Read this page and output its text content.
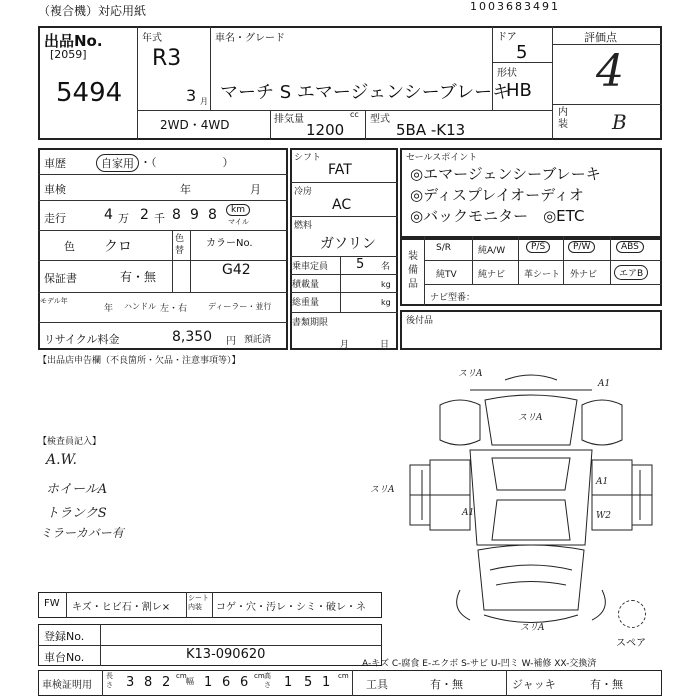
（複合機）対応用紙	1003683491
出品No.
[2059]
5494
年式
R3
3 月
車名・グレード
マーチ S エマージェンシーブレーキ
ドア
5
形状
HB
評価点
4
内装 B
2WD・4WD	排気量	cc
1200
型式
5BA -K13
車歴	自家用 ・（　　　　　　）
車検	年	月
走行	4 万 2 千 8 9 8	km
マイル
色 クロ	色替
カラーNo.
G42
保証書	有・無
モデル年
年 ハンドル 左・右	ディーラー・並行
リサイクル料金	8,350 円 預託済
シフト
FAT
冷房
AC
燃料
ガソリン
乗車定員 5 名
積載量	kg
総重量	kg
書類期限
月	日
セールスポイント
◎エマージェンシーブレーキ
◎ディスプレイオーディオ
◎バックモニター　◎ETC
装備品
S/R	純A/W	P/S	P/W	ABS
純TV 純ナビ 革シート 外ナビ	エアB
ナビ型番：
後付品
【出品店申告欄（不良箇所・欠品・注意事項等）】
【検査員記入】
A.W.
ホイールA
トランクS
ミラーカバー有
スリA
A1
スリA
スリA
A1
A1
W2
スリA
スペア
FW キズ・ヒビ石・割レ×
シート内装	コゲ・穴・汚レ・シミ・破レ・ネ
登録No.
車台No.	K13-090620
A-キズ C-腐食 E-エクボ S-サビ U-凹ミ W-補修 XX-交換済
車検証明用
長さ 3 8 2 cm
幅 1 6 6 cm 高さ 1 5 1 cm
工具	有・無	ジャッキ	有・無
